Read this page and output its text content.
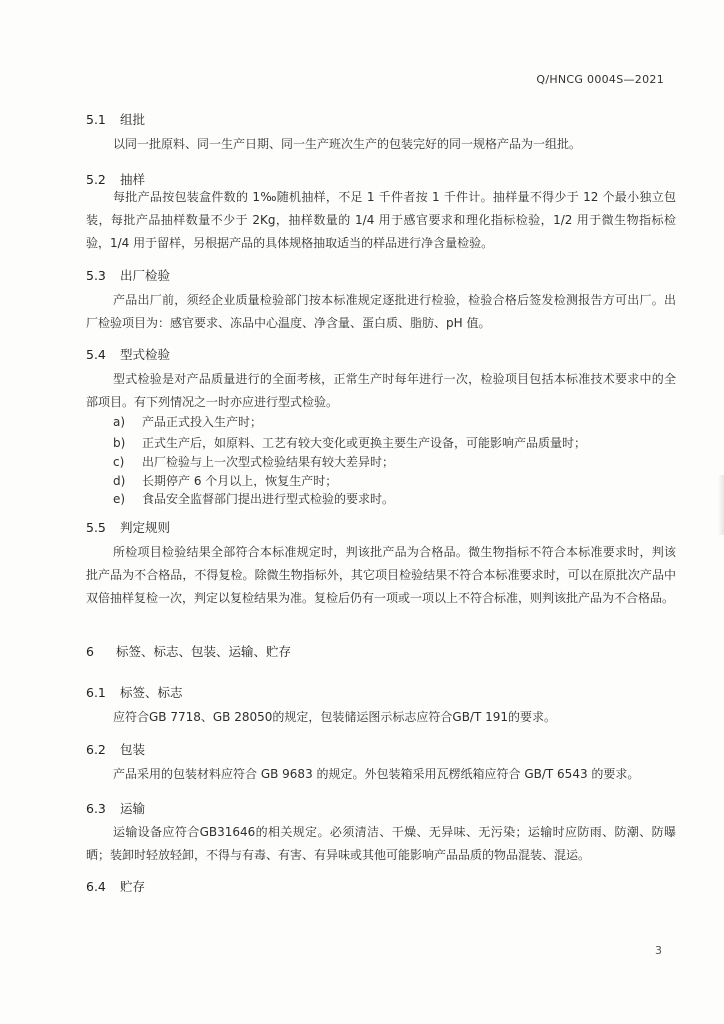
Q/HNCG 0004S—2021
5.1 组批
以同一批原料、同一生产日期、同一生产班次生产的包装完好的同一规格产品为一组批。
5.2 抽样
每批产品按包装盒件数的 1‰随机抽样，不足 1 千件者按 1 千件计。抽样量不得少于 12 个最小独立包装，每批产品抽样数量不少于 2Kg，抽样数量的 1/4 用于感官要求和理化指标检验，1/2 用于微生物指标检验，1/4 用于留样，另根据产品的具体规格抽取适当的样品进行净含量检验。
5.3 出厂检验
产品出厂前，须经企业质量检验部门按本标准规定逐批进行检验，检验合格后签发检测报告方可出厂。出厂检验项目为：感官要求、冻品中心温度、净含量、蛋白质、脂肪、pH 值。
5.4 型式检验
型式检验是对产品质量进行的全面考核，正常生产时每年进行一次，检验项目包括本标准技术要求中的全部项目。有下列情况之一时亦应进行型式检验。
a) 产品正式投入生产时；
b) 正式生产后，如原料、工艺有较大变化或更换主要生产设备，可能影响产品质量时；
c) 出厂检验与上一次型式检验结果有较大差异时；
d) 长期停产 6 个月以上，恢复生产时；
e) 食品安全监督部门提出进行型式检验的要求时。
5.5 判定规则
所检项目检验结果全部符合本标准规定时，判该批产品为合格品。微生物指标不符合本标准要求时，判该批产品为不合格品，不得复检。除微生物指标外，其它项目检验结果不符合本标准要求时，可以在原批次产品中双倍抽样复检一次，判定以复检结果为准。复检后仍有一项或一项以上不符合标准，则判该批产品为不合格品。
6 标签、标志、包装、运输、贮存
6.1 标签、标志
应符合GB 7718、GB 28050的规定，包装储运图示标志应符合GB/T 191的要求。
6.2 包装
产品采用的包装材料应符合 GB 9683 的规定。外包装箱采用瓦楞纸箱应符合 GB/T 6543 的要求。
6.3 运输
运输设备应符合GB31646的相关规定。必须清洁、干燥、无异味、无污染；运输时应防雨、防潮、防曝晒；装卸时轻放轻卸，不得与有毒、有害、有异味或其他可能影响产品品质的物品混装、混运。
6.4 贮存
3
